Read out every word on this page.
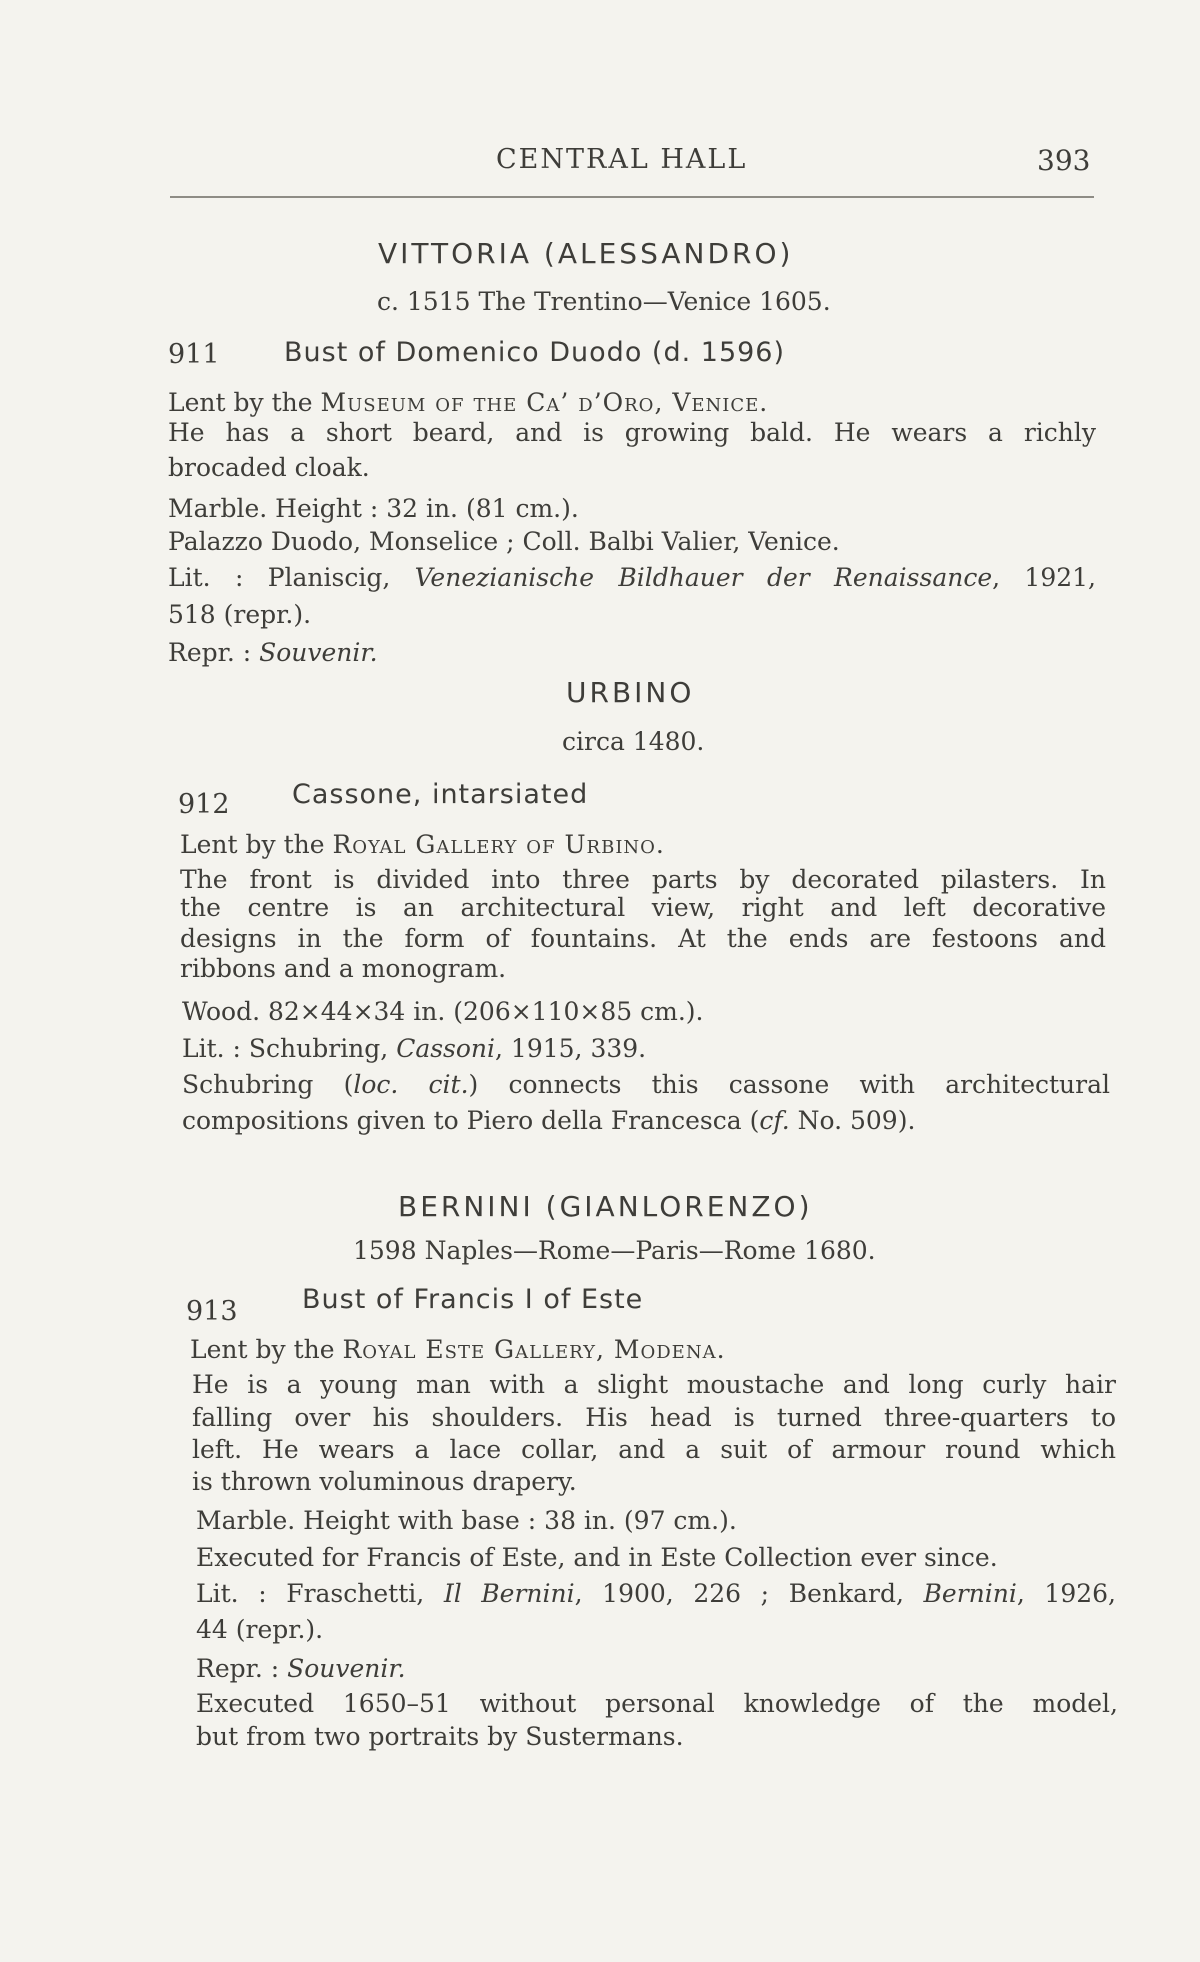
CENTRAL HALL	393
VITTORIA (ALESSANDRO)
c. 1515 The Trentino—Venice 1605.
911 Bust of Domenico Duodo (d. 1596)
Lent by the Museum of the Ca’ d’Oro, Venice.
He has a short beard, and is growing bald. He wears a richly
brocaded cloak.
Marble. Height : 32 in. (81 cm.).
Palazzo Duodo, Monselice ; Coll. Balbi Valier, Venice.
Lit. : Planiscig, Venezianische Bildhauer der Renaissance, 1921,
518 (repr.).
Repr. : Souvenir.
URBINO
circa 1480.
912 Cassone, intarsiated
Lent by the Royal Gallery of Urbino.
The front is divided into three parts by decorated pilasters. In
the centre is an architectural view, right and left decorative
designs in the form of fountains. At the ends are festoons and
ribbons and a monogram.
Wood. 82×44×34 in. (206×110×85 cm.).
Lit. : Schubring, Cassoni, 1915, 339.
Schubring (loc. cit.) connects this cassone with architectural
compositions given to Piero della Francesca (cf. No. 509).
BERNINI (GIANLORENZO)
1598 Naples—Rome—Paris—Rome 1680.
913 Bust of Francis I of Este
Lent by the Royal Este Gallery, Modena.
He is a young man with a slight moustache and long curly hair
falling over his shoulders. His head is turned three-quarters to
left. He wears a lace collar, and a suit of armour round which
is thrown voluminous drapery.
Marble. Height with base : 38 in. (97 cm.).
Executed for Francis of Este, and in Este Collection ever since.
Lit. : Fraschetti, Il Bernini, 1900, 226 ; Benkard, Bernini, 1926,
44 (repr.).
Repr. : Souvenir.
Executed 1650–51 without personal knowledge of the model,
but from two portraits by Sustermans.
